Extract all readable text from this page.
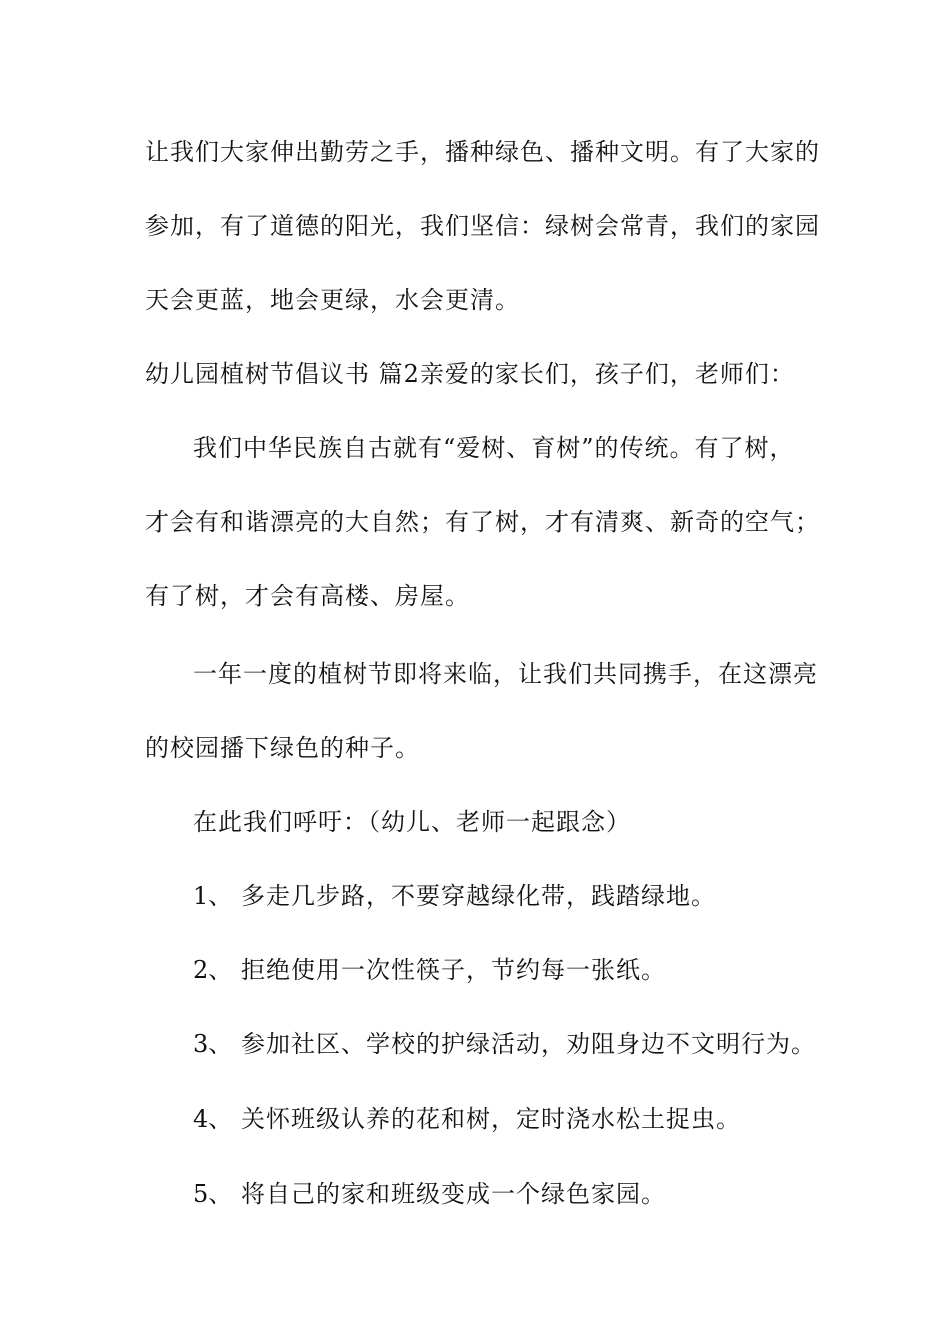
让我们大家伸出勤劳之手，播种绿色、播种文明。有了大家的
参加，有了道德的阳光，我们坚信：绿树会常青，我们的家园
天会更蓝，地会更绿，水会更清。
幼儿园植树节倡议书 篇2亲爱的家长们，孩子们，老师们：
我们中华民族自古就有“爱树、育树”的传统。有了树，
才会有和谐漂亮的大自然；有了树，才有清爽、新奇的空气；
有了树，才会有高楼、房屋。
一年一度的植树节即将来临，让我们共同携手，在这漂亮
的校园播下绿色的种子。
在此我们呼吁：（幼儿、老师一起跟念）
1、 多走几步路，不要穿越绿化带，践踏绿地。
2、 拒绝使用一次性筷子，节约每一张纸。
3、 参加社区、学校的护绿活动，劝阻身边不文明行为。
4、 关怀班级认养的花和树，定时浇水松土捉虫。
5、 将自己的家和班级变成一个绿色家园。
